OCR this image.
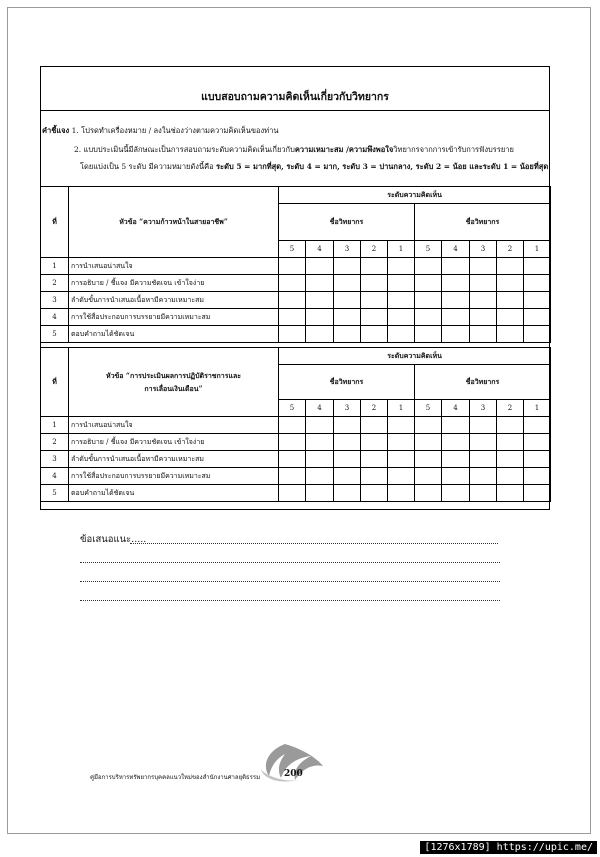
แบบสอบถามความคิดเห็นเกี่ยวกับวิทยากร
คำชี้แจง 1. โปรดทำเครื่องหมาย / ลงในช่องว่างตามความคิดเห็นของท่าน
2. แบบประเมินนี้มีลักษณะเป็นการสอบถามระดับความคิดเห็นเกี่ยวกับความเหมาะสม /ความพึงพอใจวิทยากรจากการเข้ารับการฟังบรรยาย
โดยแบ่งเป็น 5 ระดับ มีความหมายดังนี้คือ ระดับ 5 = มากที่สุด, ระดับ 4 = มาก, ระดับ 3 = ปานกลาง, ระดับ 2 = น้อย และระดับ 1 = น้อยที่สุด
ที่	หัวข้อ “ความก้าวหน้าในสายอาชีพ”	ระดับความคิดเห็น									
		ชื่อวิทยากร					ชื่อวิทยากร				
		5	4	3	2	1	5	4	3	2	1
1	การนำเสนอน่าสนใจ										
2	การอธิบาย / ชี้แจง มีความชัดเจน เข้าใจง่าย										
3	ลำดับขั้นการนำเสนอเนื้อหามีความเหมาะสม										
4	การใช้สื่อประกอบการบรรยายมีความเหมาะสม										
5	ตอบคำถามได้ชัดเจน										
ที่	หัวข้อ “การประเมินผลการปฏิบัติราชการและ
การเลื่อนเงินเดือน”	ระดับความคิดเห็น									
		ชื่อวิทยากร					ชื่อวิทยากร				
		5	4	3	2	1	5	4	3	2	1
1	การนำเสนอน่าสนใจ										
2	การอธิบาย / ชี้แจง มีความชัดเจน เข้าใจง่าย										
3	ลำดับขั้นการนำเสนอเนื้อหามีความเหมาะสม										
4	การใช้สื่อประกอบการบรรยายมีความเหมาะสม										
5	ตอบคำถามได้ชัดเจน										
ข้อเสนอแนะ.....
คู่มือการบริหารทรัพยากรบุคคลแนวใหม่ของสำนักงานศาลยุติธรรม	200
[1276x1789] https://upic.me/
